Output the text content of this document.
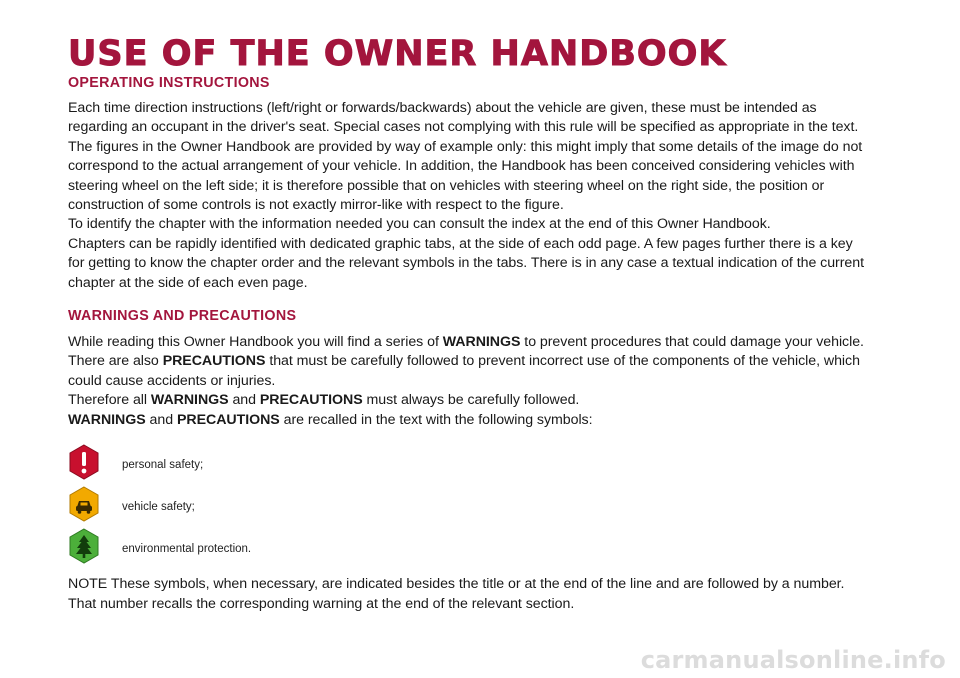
USE OF THE OWNER HANDBOOK
OPERATING INSTRUCTIONS

Each time direction instructions (left/right or forwards/backwards) about the vehicle are given, these must be intended as regarding an occupant in the driver's seat. Special cases not complying with this rule will be specified as appropriate in the text.

The figures in the Owner Handbook are provided by way of example only: this might imply that some details of the image do not correspond to the actual arrangement of your vehicle. In addition, the Handbook has been conceived considering vehicles with steering wheel on the left side; it is therefore possible that on vehicles with steering wheel on the right side, the position or construction of some controls is not exactly mirror-like with respect to the figure.

To identify the chapter with the information needed you can consult the index at the end of this Owner Handbook.

Chapters can be rapidly identified with dedicated graphic tabs, at the side of each odd page. A few pages further there is a key for getting to know the chapter order and the relevant symbols in the tabs. There is in any case a textual indication of the current chapter at the side of each even page.

WARNINGS AND PRECAUTIONS

While reading this Owner Handbook you will find a series of WARNINGS to prevent procedures that could damage your vehicle.

There are also PRECAUTIONS that must be carefully followed to prevent incorrect use of the components of the vehicle, which could cause accidents or injuries.

Therefore all WARNINGS and PRECAUTIONS must always be carefully followed.

WARNINGS and PRECAUTIONS are recalled in the text with the following symbols:

personal safety;
vehicle safety;
environmental protection.

NOTE These symbols, when necessary, are indicated besides the title or at the end of the line and are followed by a number. That number recalls the corresponding warning at the end of the relevant section.

carmanualsonline.info
